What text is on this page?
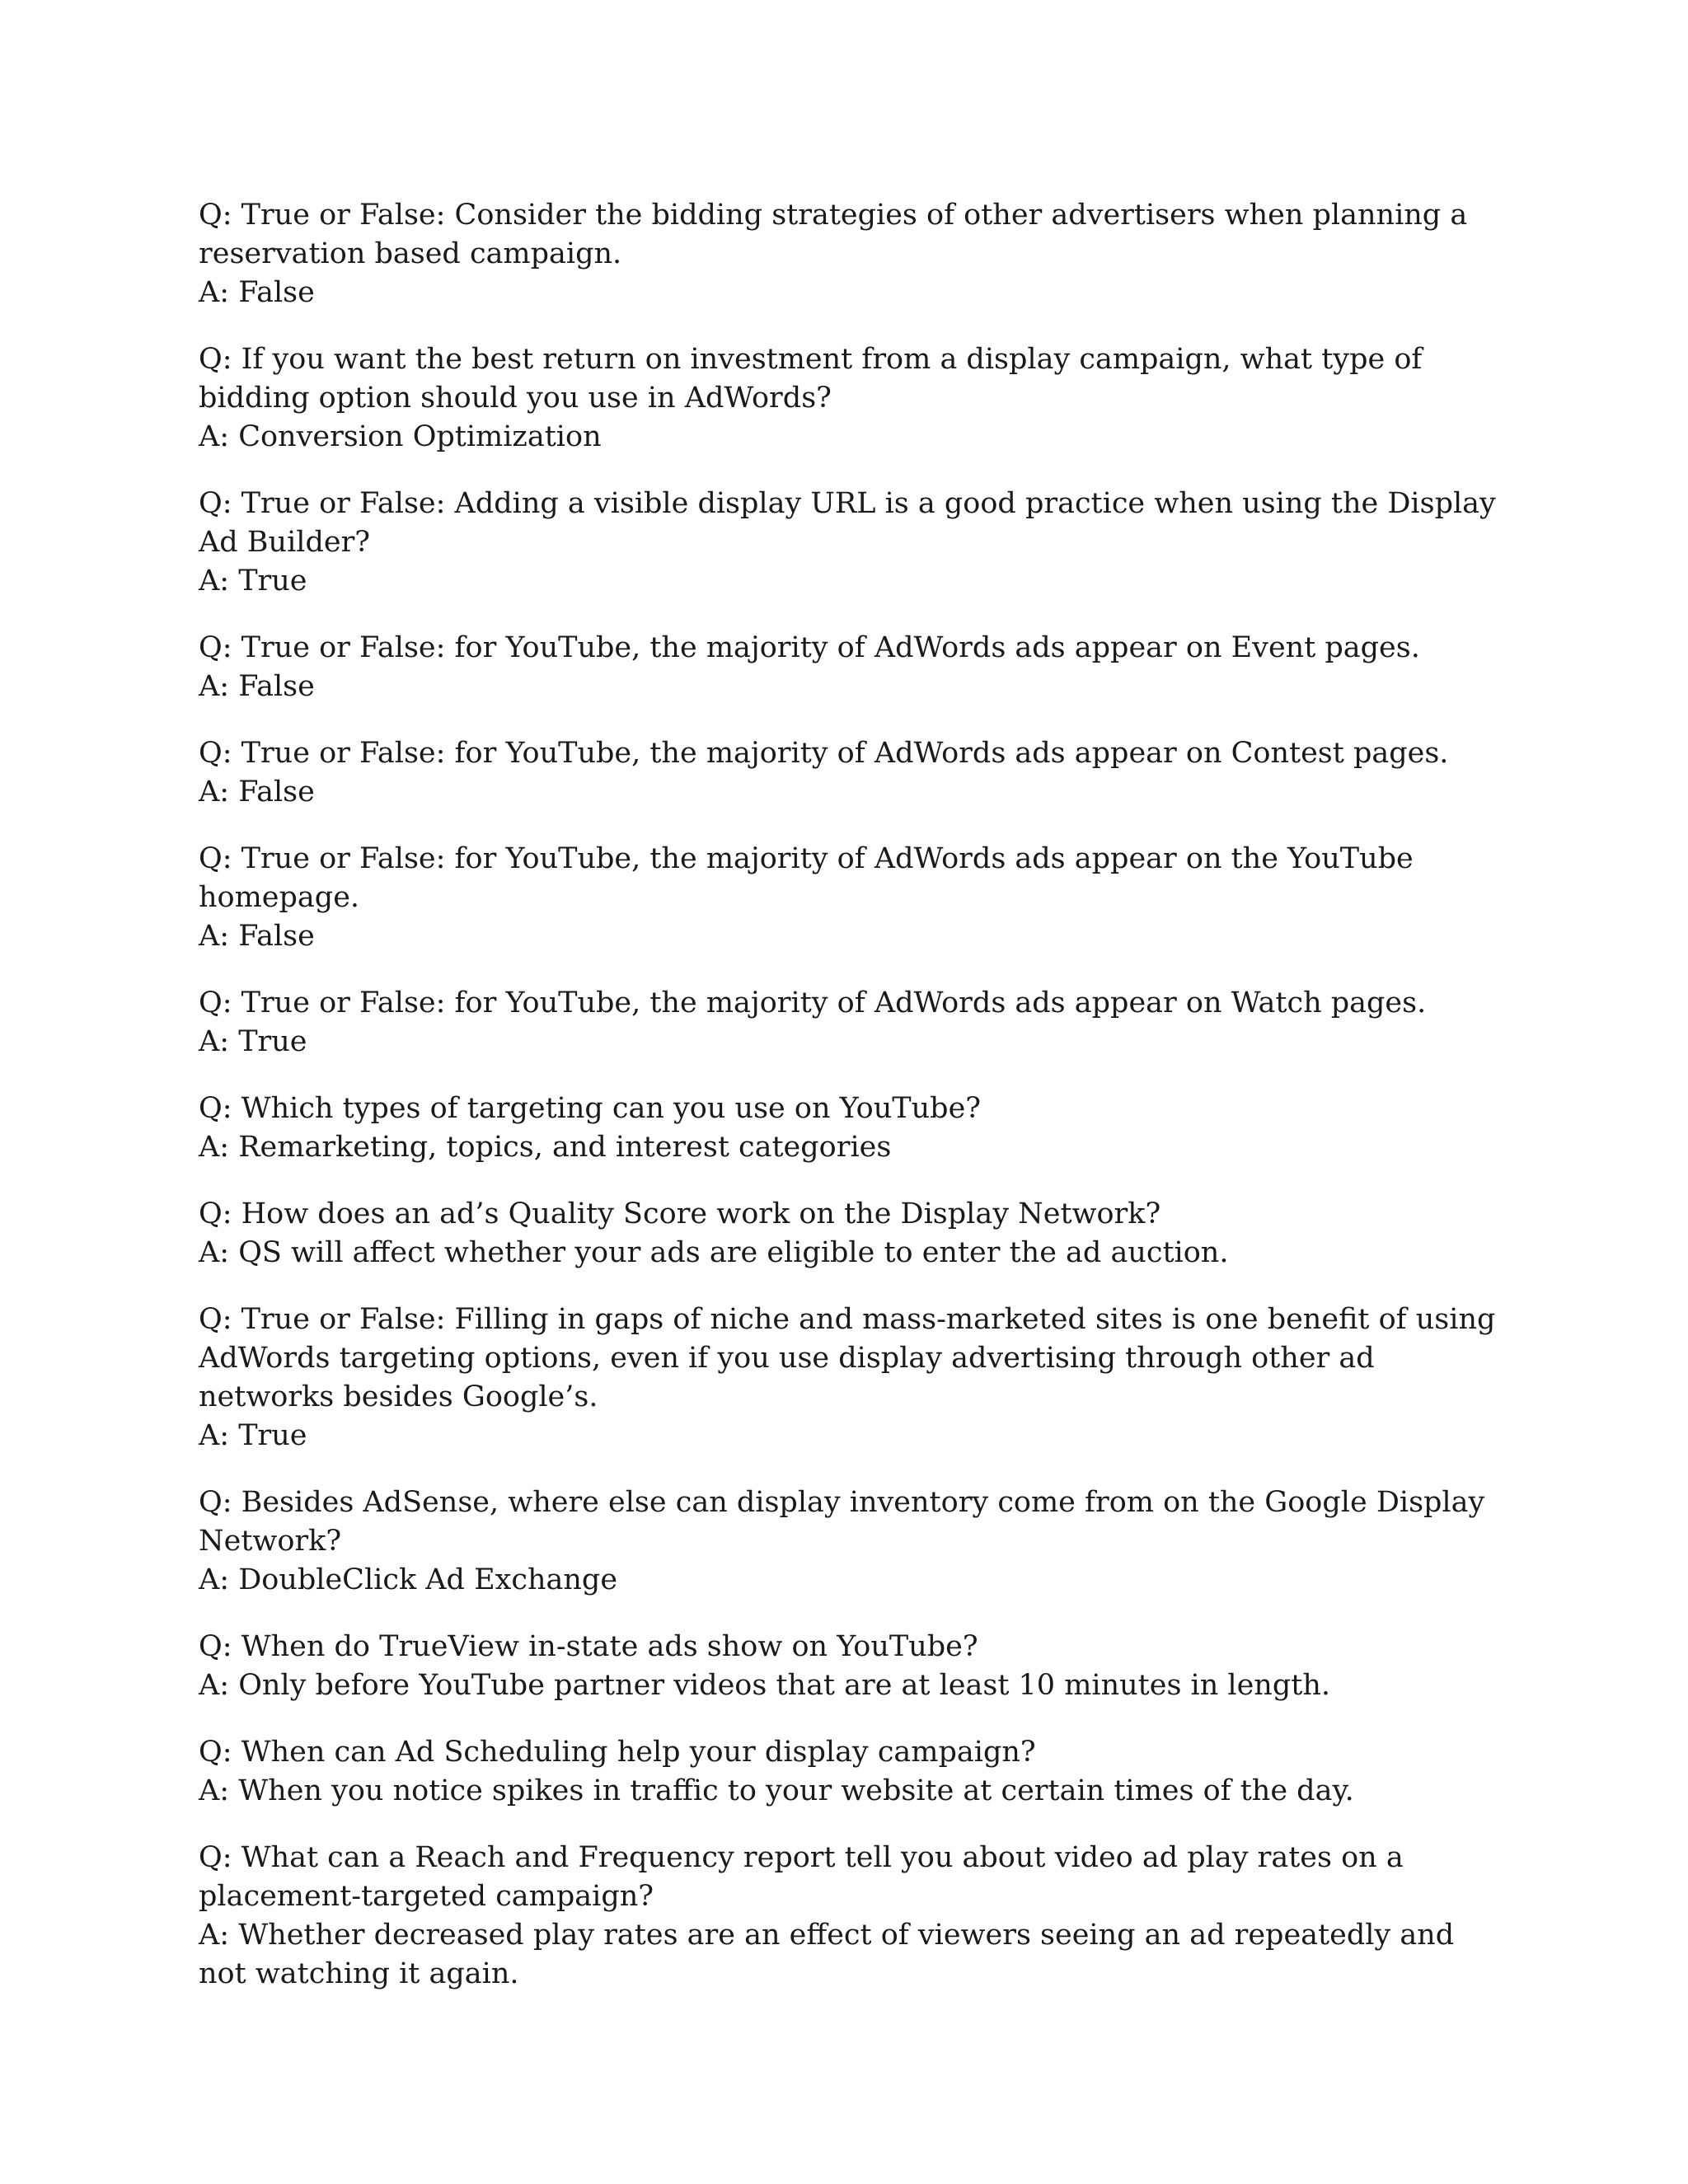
Q: True or False: Consider the bidding strategies of other advertisers when planning a reservation based campaign.

A: False

Q: If you want the best return on investment from a display campaign, what type of bidding option should you use in AdWords?

A: Conversion Optimization

Q: True or False: Adding a visible display URL is a good practice when using the Display Ad Builder?

A: True

Q: True or False: for YouTube, the majority of AdWords ads appear on Event pages.

A: False

Q: True or False: for YouTube, the majority of AdWords ads appear on Contest pages.

A: False

Q: True or False: for YouTube, the majority of AdWords ads appear on the YouTube homepage.

A: False

Q: True or False: for YouTube, the majority of AdWords ads appear on Watch pages.

A: True

Q: Which types of targeting can you use on YouTube?

A: Remarketing, topics, and interest categories

Q: How does an ad’s Quality Score work on the Display Network?

A: QS will affect whether your ads are eligible to enter the ad auction.

Q: True or False: Filling in gaps of niche and mass-marketed sites is one benefit of using AdWords targeting options, even if you use display advertising through other ad networks besides Google’s.

A: True

Q: Besides AdSense, where else can display inventory come from on the Google Display Network?

A: DoubleClick Ad Exchange

Q: When do TrueView in-state ads show on YouTube?

A: Only before YouTube partner videos that are at least 10 minutes in length.

Q: When can Ad Scheduling help your display campaign?

A: When you notice spikes in traffic to your website at certain times of the day.

Q: What can a Reach and Frequency report tell you about video ad play rates on a placement-targeted campaign?

A: Whether decreased play rates are an effect of viewers seeing an ad repeatedly and not watching it again.
